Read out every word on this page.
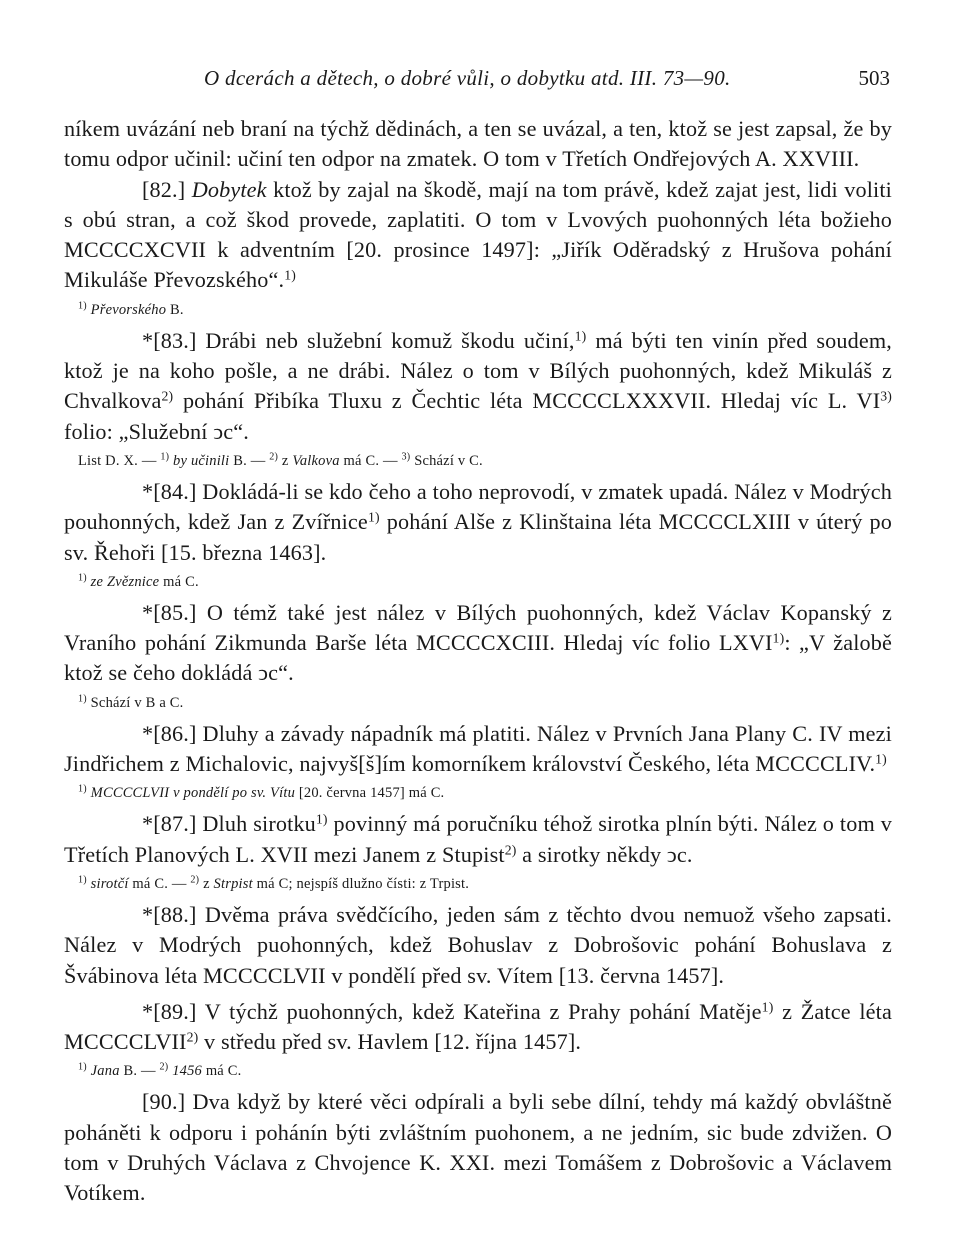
O dcerách a dětech, o dobré vůli, o dobytku atd. III. 73—90.	503

níkem uvázání neb braní na týchž dědinách, a ten se uvázal, a ten, ktož se jest zapsal, že by tomu odpor učinil: učiní ten odpor na zmatek. O tom v Třetích Ondřejových A. XXVIII.

[82.] Dobytek ktož by zajal na škodě, mají na tom právě, kdež zajat jest, lidi voliti s obú stran, a což škod provede, zaplatiti. O tom v Lvových puohonných léta božieho MCCCCXCVII k adventním [20. prosince 1497]: „Jiřík Oděradský z Hrušova pohání Mikuláše Převozského“.$^{1)}$

$^{1)}$ Převorského B.

*[83.] Drábi neb služební komuž škodu učiní,$^{1)}$ má býti ten vinín před soudem, ktož je na koho pošle, a ne drábi. Nález o tom v Bílých puohonných, kdež Mikuláš z Chvalkova$^{2)}$ pohání Přibíka Tluxu z Čechtic léta MCCCCLXXXVII. Hledaj víc L. VI$^{3)}$ folio: „Služební ͻc“.

List D. X. — $^{1)}$ by učinili B. — $^{2)}$ z Valkova má C. — $^{3)}$ Schází v C.

*[84.] Dokládá-li se kdo čeho a toho neprovodí, v zmatek upadá. Nález v Modrých pouhonných, kdež Jan z Zvířnice$^{1)}$ pohání Alše z Klinštaina léta MCCCCLXIII v úterý po sv. Řehoři [15. března 1463].

$^{1)}$ ze Zvěznice má C.

*[85.] O témž také jest nález v Bílých puohonných, kdež Václav Kopanský z Vraního pohání Zikmunda Barše léta MCCCCXCIII. Hledaj víc folio LXVI$^{1)}$: „V žalobě ktož se čeho dokládá ͻc“.

$^{1)}$ Schází v B a C.

*[86.] Dluhy a závady nápadník má platiti. Nález v Prvních Jana Plany C. IV mezi Jindřichem z Michalovic, najvyš[š]ím komorníkem království Českého, léta MCCCCLIV.$^{1)}$

$^{1)}$ MCCCCLVII v pondělí po sv. Vítu [20. června 1457] má C.

*[87.] Dluh sirotku$^{1)}$ povinný má poručníku téhož sirotka plnín býti. Nález o tom v Třetích Planových L. XVII mezi Janem z Stupist$^{2)}$ a sirotky někdy ͻc.

$^{1)}$ sirotčí má C. — $^{2)}$ z Strpist má C; nejspíš dlužno čísti: z Trpist.

*[88.] Dvěma práva svědčícího, jeden sám z těchto dvou nemuož všeho zapsati. Nález v Modrých puohonných, kdež Bohuslav z Dobrošovic pohání Bohuslava z Švábinova léta MCCCCLVII v pondělí před sv. Vítem [13. června 1457].

*[89.] V týchž puohonných, kdež Kateřina z Prahy pohání Matěje$^{1)}$ z Žatce léta MCCCCLVII$^{2)}$ v středu před sv. Havlem [12. října 1457].

$^{1)}$ Jana B. — $^{2)}$ 1456 má C.

[90.] Dva když by které věci odpírali a byli sebe dílní, tehdy má každý obvláštně poháněti k odporu i pohánín býti zvláštním puohonem, a ne jedním, sic bude zdvižen. O tom v Druhých Václava z Chvojence K. XXI. mezi Tomášem z Dobrošovic a Václavem Votíkem.
